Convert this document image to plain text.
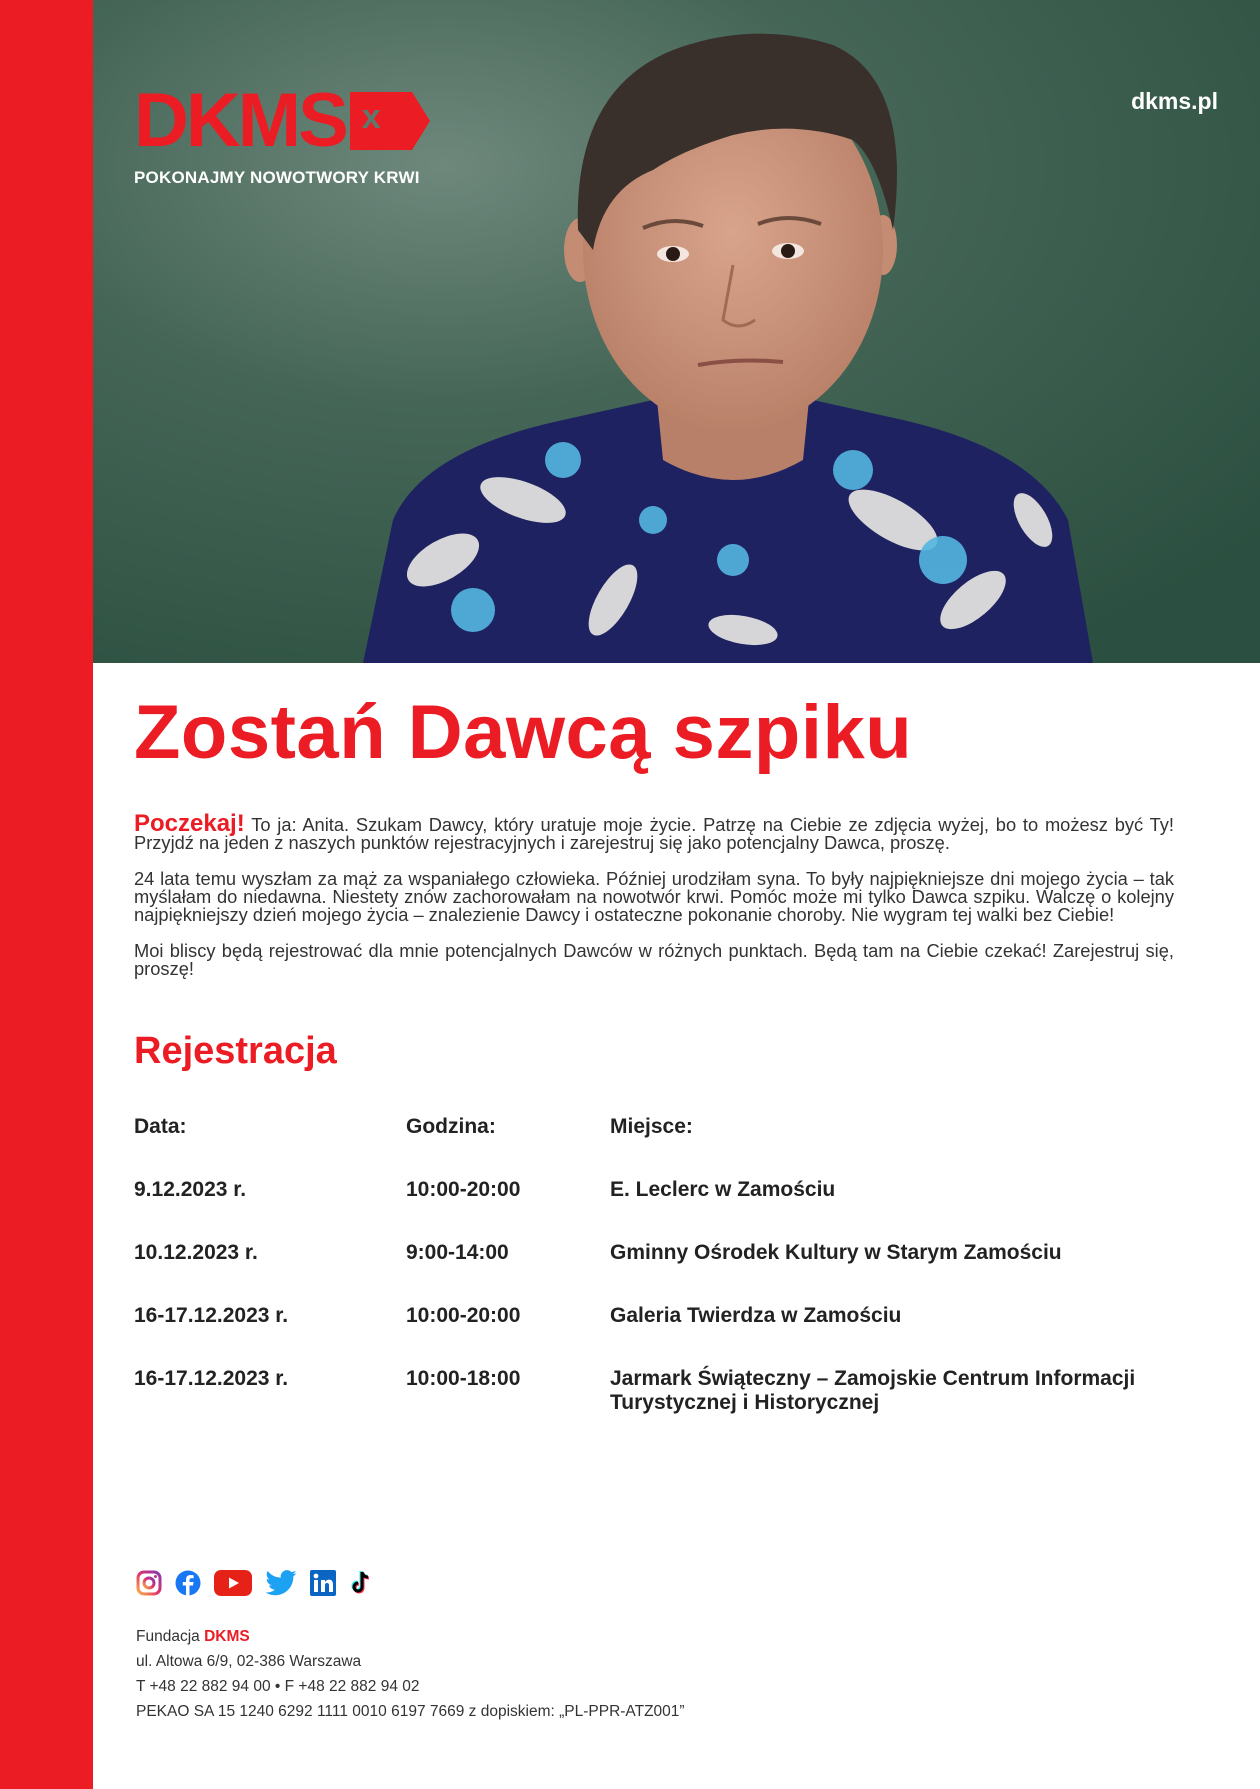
dkms.pl
DKMS x
POKONAJMY NOWOTWORY KRWI
Zostań Dawcą szpiku

Poczekaj! To ja: Anita. Szukam Dawcy, który uratuje moje życie. Patrzę na Ciebie ze zdjęcia wyżej, bo to możesz być Ty! Przyjdź na jeden z naszych punktów rejestracyjnych i zarejestruj się jako potencjalny Dawca, proszę.

24 lata temu wyszłam za mąż za wspaniałego człowieka. Później urodziłam syna. To były najpiękniejsze dni mojego życia – tak myślałam do niedawna. Niestety znów zachorowałam na nowotwór krwi. Pomóc może mi tylko Dawca szpiku. Walczę o kolejny najpiękniejszy dzień mojego życia – znalezienie Dawcy i ostateczne pokonanie choroby. Nie wygram tej walki bez Ciebie!

Moi bliscy będą rejestrować dla mnie potencjalnych Dawców w różnych punktach. Będą tam na Ciebie czekać! Zarejestruj się, proszę!

Rejestracja
Data:	Godzina:	Miejsce:
9.12.2023 r.	10:00-20:00	E. Leclerc w Zamościu
10.12.2023 r.	9:00-14:00	Gminny Ośrodek Kultury w Starym Zamościu
16-17.12.2023 r.	10:00-20:00	Galeria Twierdza w Zamościu
16-17.12.2023 r.	10:00-18:00	Jarmark Świąteczny – Zamojskie Centrum Informacji Turystycznej i Historycznej
Fundacja DKMS
ul. Altowa 6/9, 02-386 Warszawa
T +48 22 882 94 00 • F +48 22 882 94 02
PEKAO SA 15 1240 6292 1111 0010 6197 7669 z dopiskiem: „PL-PPR-ATZ001”
